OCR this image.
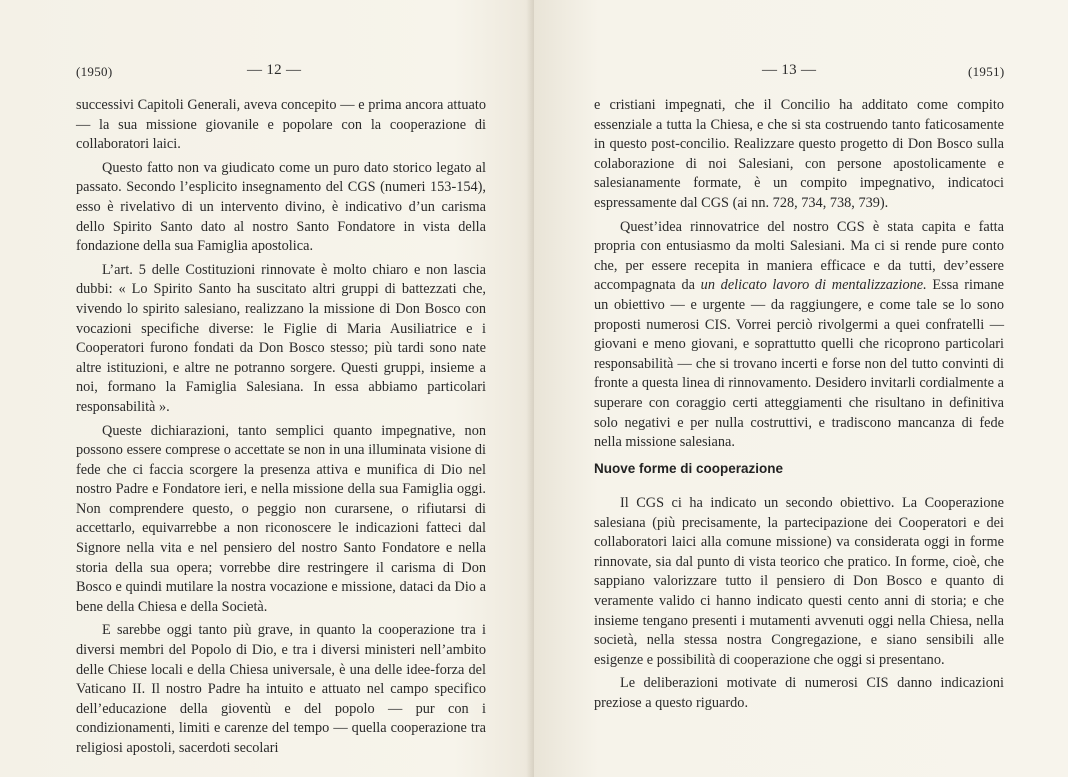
(1950)	— 12 —

successivi Capitoli Generali, aveva concepito — e prima ancora attuato — la sua missione giovanile e popolare con la cooperazione di collaboratori laici.

Questo fatto non va giudicato come un puro dato storico legato al passato. Secondo l’esplicito insegnamento del CGS (numeri 153-154), esso è rivelativo di un intervento divino, è indicativo d’un carisma dello Spirito Santo dato al nostro Santo Fondatore in vista della fondazione della sua Famiglia apostolica.

L’art. 5 delle Costituzioni rinnovate è molto chiaro e non lascia dubbi: « Lo Spirito Santo ha suscitato altri gruppi di battezzati che, vivendo lo spirito salesiano, realizzano la missione di Don Bosco con vocazioni specifiche diverse: le Figlie di Maria Ausiliatrice e i Cooperatori furono fondati da Don Bosco stesso; più tardi sono nate altre istituzioni, e altre ne potranno sorgere. Questi gruppi, insieme a noi, formano la Famiglia Salesiana. In essa abbiamo particolari responsabilità ».

Queste dichiarazioni, tanto semplici quanto impegnative, non possono essere comprese o accettate se non in una illuminata visione di fede che ci faccia scorgere la presenza attiva e munifica di Dio nel nostro Padre e Fondatore ieri, e nella missione della sua Famiglia oggi. Non comprendere questo, o peggio non curarsene, o rifiutarsi di accettarlo, equivarrebbe a non riconoscere le indicazioni fatteci dal Signore nella vita e nel pensiero del nostro Santo Fondatore e nella storia della sua opera; vorrebbe dire restringere il carisma di Don Bosco e quindi mutilare la nostra vocazione e missione, dataci da Dio a bene della Chiesa e della Società.

E sarebbe oggi tanto più grave, in quanto la cooperazione tra i diversi membri del Popolo di Dio, e tra i diversi ministeri nell’ambito delle Chiese locali e della Chiesa universale, è una delle idee-forza del Vaticano II. Il nostro Padre ha intuito e attuato nel campo specifico dell’educazione della gioventù e del popolo — pur con i condizionamenti, limiti e carenze del tempo — quella cooperazione tra religiosi apostoli, sacerdoti secolari

— 13 —	(1951)

e cristiani impegnati, che il Concilio ha additato come compito essenziale a tutta la Chiesa, e che si sta costruendo tanto faticosamente in questo post-concilio. Realizzare questo progetto di Don Bosco sulla colaborazione di noi Salesiani, con persone apostolicamente e salesianamente formate, è un compito impegnativo, indicatoci espressamente dal CGS (ai nn. 728, 734, 738, 739).

Quest’idea rinnovatrice del nostro CGS è stata capita e fatta propria con entusiasmo da molti Salesiani. Ma ci si rende pure conto che, per essere recepita in maniera efficace e da tutti, dev’essere accompagnata da un delicato lavoro di mentalizzazione. Essa rimane un obiettivo — e urgente — da raggiungere, e come tale se lo sono proposti numerosi CIS. Vorrei perciò rivolgermi a quei confratelli — giovani e meno giovani, e soprattutto quelli che ricoprono particolari responsabilità — che si trovano incerti e forse non del tutto convinti di fronte a questa linea di rinnovamento. Desidero invitarli cordialmente a superare con coraggio certi atteggiamenti che risultano in definitiva solo negativi e per nulla costruttivi, e tradiscono mancanza di fede nella missione salesiana.

Nuove forme di cooperazione

Il CGS ci ha indicato un secondo obiettivo. La Cooperazione salesiana (più precisamente, la partecipazione dei Cooperatori e dei collaboratori laici alla comune missione) va considerata oggi in forme rinnovate, sia dal punto di vista teorico che pratico. In forme, cioè, che sappiano valorizzare tutto il pensiero di Don Bosco e quanto di veramente valido ci hanno indicato questi cento anni di storia; e che insieme tengano presenti i mutamenti avvenuti oggi nella Chiesa, nella società, nella stessa nostra Congregazione, e siano sensibili alle esigenze e possibilità di cooperazione che oggi si presentano.

Le deliberazioni motivate di numerosi CIS danno indicazioni preziose a questo riguardo.
